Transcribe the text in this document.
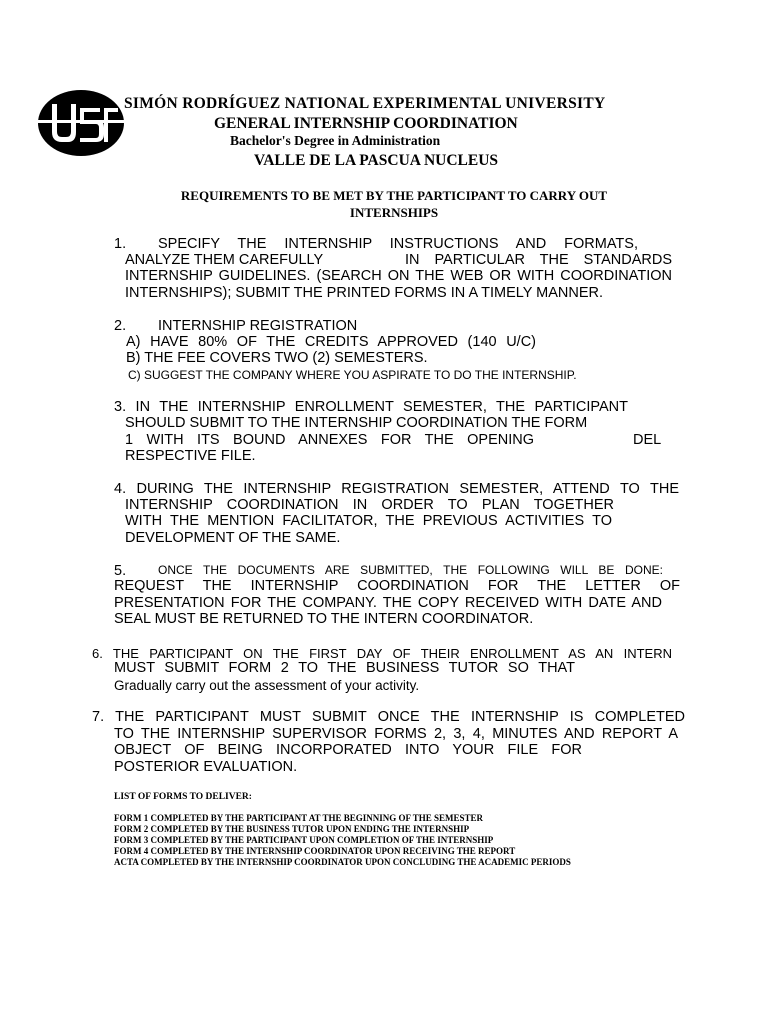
SIMÓN RODRÍGUEZ NATIONAL EXPERIMENTAL UNIVERSITY
GENERAL INTERNSHIP COORDINATION
Bachelor's Degree in Administration
VALLE DE LA PASCUA NUCLEUS
REQUIREMENTS TO BE MET BY THE PARTICIPANT TO CARRY OUT
INTERNSHIPS
1. SPECIFY THE INTERNSHIP INSTRUCTIONS AND FORMATS,
ANALYZE THEM CAREFULLY	IN PARTICULAR THE STANDARDS
INTERNSHIP GUIDELINES. (SEARCH ON THE WEB OR WITH COORDINATION
INTERNSHIPS); SUBMIT THE PRINTED FORMS IN A TIMELY MANNER.
2. INTERNSHIP REGISTRATION
A) HAVE 80% OF THE CREDITS APPROVED (140 U/C)
B) THE FEE COVERS TWO (2) SEMESTERS.
C) SUGGEST THE COMPANY WHERE YOU ASPIRATE TO DO THE INTERNSHIP.
3. IN THE INTERNSHIP ENROLLMENT SEMESTER, THE PARTICIPANT
SHOULD SUBMIT TO THE INTERNSHIP COORDINATION THE FORM
1 WITH ITS BOUND ANNEXES FOR THE OPENING	DEL
RESPECTIVE FILE.
4. DURING THE INTERNSHIP REGISTRATION SEMESTER, ATTEND TO THE
INTERNSHIP COORDINATION IN ORDER TO PLAN TOGETHER
WITH THE MENTION FACILITATOR, THE PREVIOUS ACTIVITIES TO
DEVELOPMENT OF THE SAME.
5.	ONCE THE DOCUMENTS ARE SUBMITTED, THE FOLLOWING WILL BE DONE:
REQUEST THE INTERNSHIP COORDINATION FOR THE LETTER OF
PRESENTATION FOR THE COMPANY. THE COPY RECEIVED WITH DATE AND
SEAL MUST BE RETURNED TO THE INTERN COORDINATOR.
6. THE PARTICIPANT ON THE FIRST DAY OF THEIR ENROLLMENT AS AN INTERN
MUST SUBMIT FORM 2 TO THE BUSINESS TUTOR SO THAT
Gradually carry out the assessment of your activity.
7. THE PARTICIPANT MUST SUBMIT ONCE THE INTERNSHIP IS COMPLETED
TO THE INTERNSHIP SUPERVISOR FORMS 2, 3, 4, MINUTES AND REPORT A
OBJECT OF BEING INCORPORATED INTO YOUR FILE FOR
POSTERIOR EVALUATION.
LIST OF FORMS TO DELIVER:
FORM 1 COMPLETED BY THE PARTICIPANT AT THE BEGINNING OF THE SEMESTER
FORM 2 COMPLETED BY THE BUSINESS TUTOR UPON ENDING THE INTERNSHIP
FORM 3 COMPLETED BY THE PARTICIPANT UPON COMPLETION OF THE INTERNSHIP
FORM 4 COMPLETED BY THE INTERNSHIP COORDINATOR UPON RECEIVING THE REPORT
ACTA COMPLETED BY THE INTERNSHIP COORDINATOR UPON CONCLUDING THE ACADEMIC PERIODS
